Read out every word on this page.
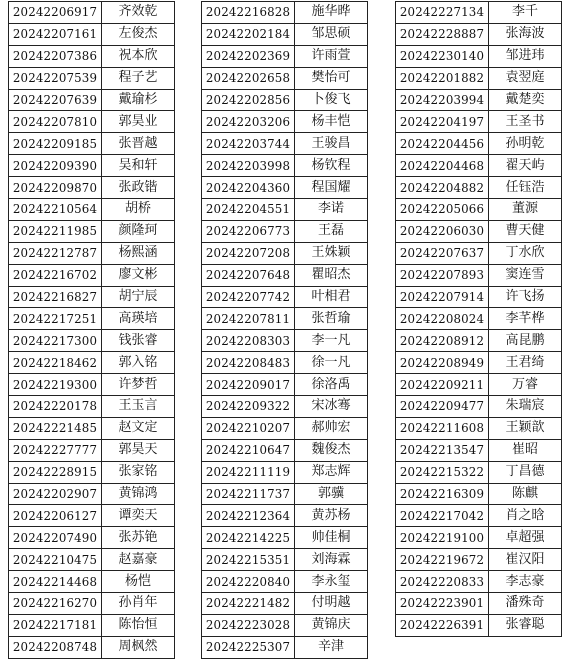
20242206917	齐效乾
20242207161	左俊杰
20242207386	祝本欣
20242207539	程子艺
20242207639	戴瑜杉
20242207810	郭昊业
20242209185	张晋越
20242209390	吴和轩
20242209870	张政锴
20242210564	胡桥
20242211985	颜隆珂
20242212787	杨熙涵
20242216702	廖文彬
20242216827	胡宁辰
20242217251	高瑛培
20242217300	钱张睿
20242218462	郭入铭
20242219300	许梦哲
20242220178	王玉言
20242221485	赵文定
20242227777	郭昊天
20242228915	张家铭
20242202907	黄锦鸿
20242206127	谭奕天
20242207490	张苏铯
20242210475	赵嘉豪
20242214468	杨恺
20242216270	孙肖年
20242217181	陈怡恒
20242208748	周枫然
20242216828	施华晔
20242202184	邹思硕
20242202369	许雨萱
20242202658	樊怡可
20242202856	卜俊飞
20242203206	杨丰恺
20242203744	王骏昌
20242203998	杨钦程
20242204360	程国耀
20242204551	李诺
20242206773	王磊
20242207208	王姝颖
20242207648	瞿昭杰
20242207742	叶相君
20242207811	张哲瑜
20242208303	李一凡
20242208483	徐一凡
20242209017	徐洛禹
20242209322	宋冰骞
20242210207	郝帅宏
20242210647	魏俊杰
20242211119	郑志辉
20242211737	郭骥
20242212364	黄苏杨
20242214225	帅佳桐
20242215351	刘海霖
20242220840	李永玺
20242221482	付明越
20242223028	黄锦庆
20242225307	辛津
20242227134	李千
20242228887	张海波
20242230140	邹进玮
20242201882	袁翌庭
20242203994	戴楚奕
20242204197	王圣书
20242204456	孙明乾
20242204468	翟天屿
20242204882	任钰浩
20242205066	董源
20242206030	曹天健
20242207637	丁水欣
20242207893	窦连雪
20242207914	许飞扬
20242208024	李芊桦
20242208912	高昆鹏
20242208949	王君绮
20242209211	万睿
20242209477	朱瑞宸
20242211608	王颖歆
20242213547	崔昭
20242215322	丁昌德
20242216309	陈麒
20242217042	肖之晗
20242219100	卓超强
20242219672	崔汉阳
20242220833	李志豪
20242223901	潘殊奇
20242226391	张睿聪
